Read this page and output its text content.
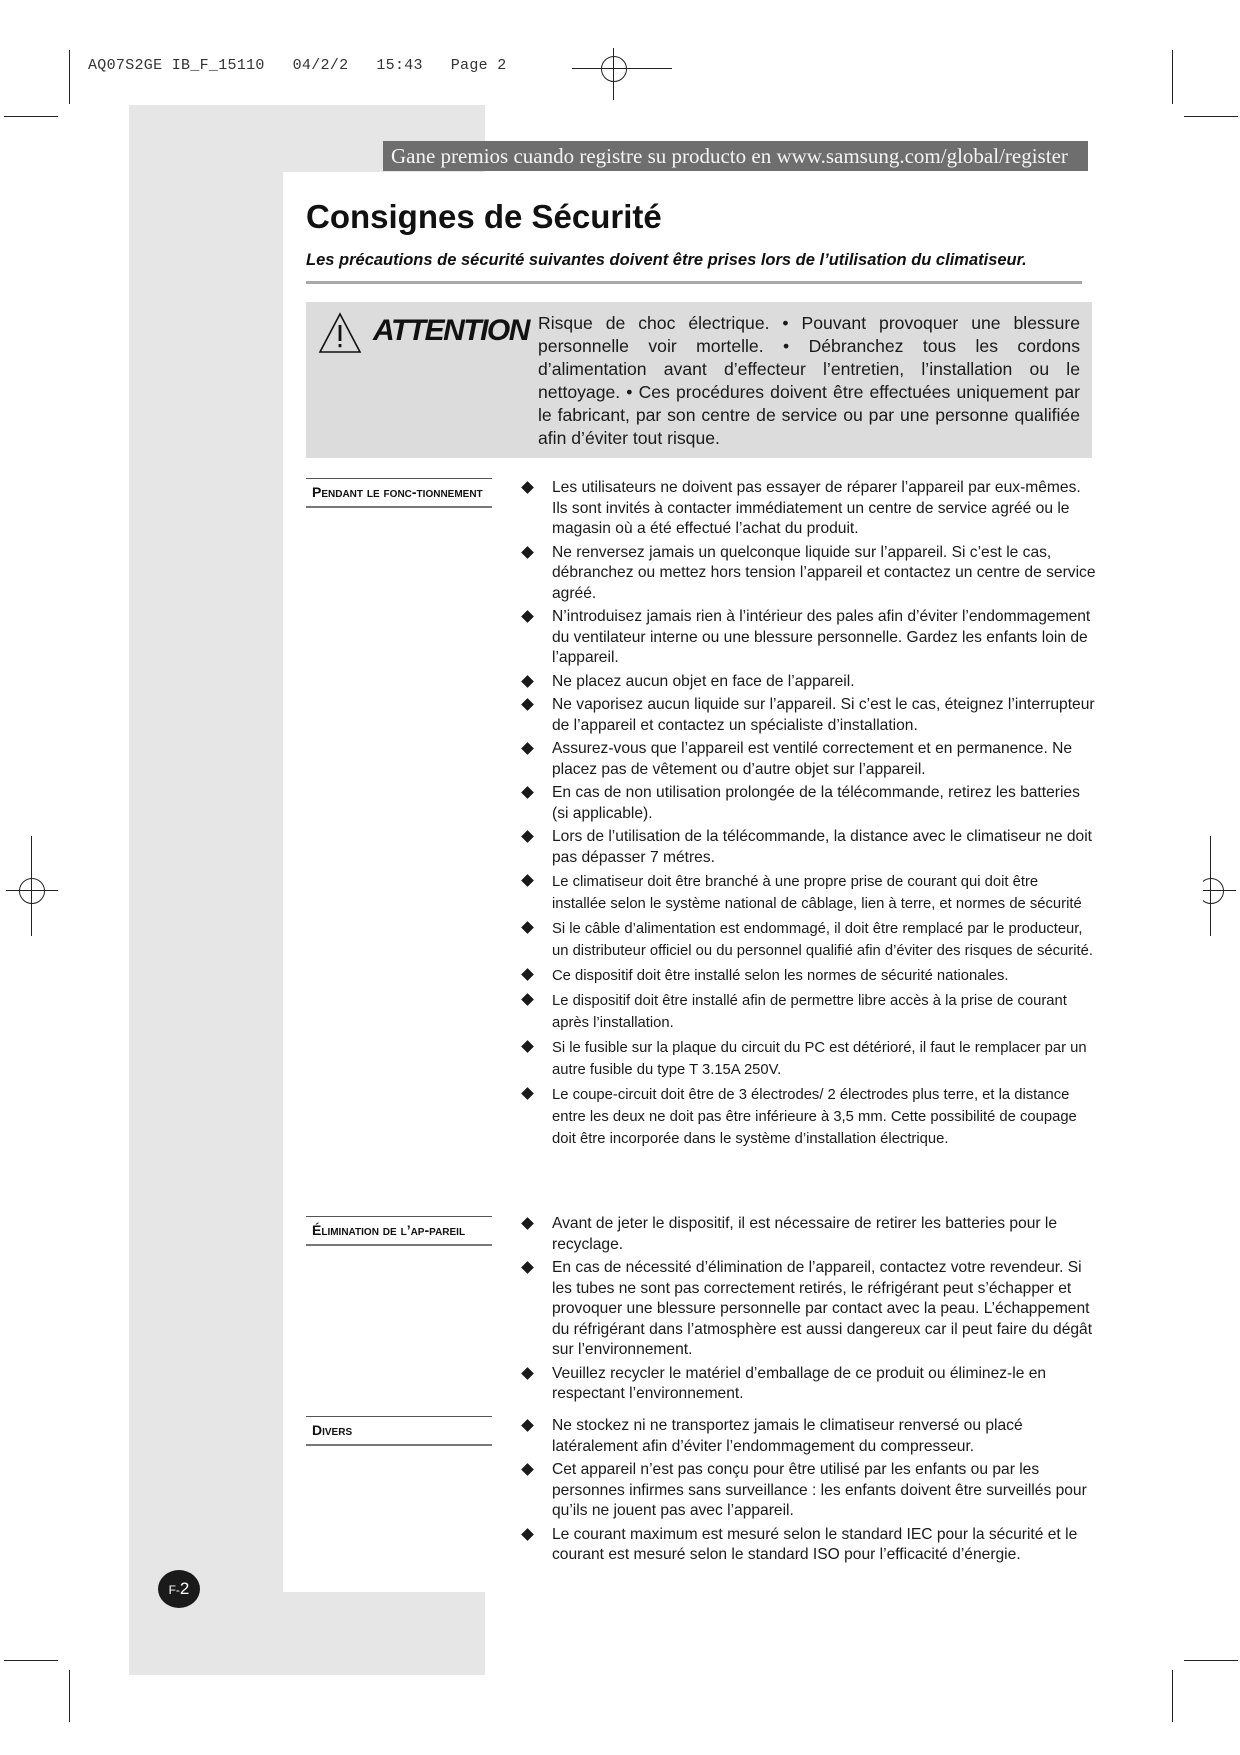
AQ07S2GE IB_F_15110   04/2/2   15:43   Page 2
Gane premios cuando registre su producto en www.samsung.com/global/register
Consignes de Sécurité
Les précautions de sécurité suivantes doivent être prises lors de l’utilisation du climatiseur.
ATTENTION Risque de choc électrique. • Pouvant provoquer une blessure personnelle voir mortelle. • Débranchez tous les cordons d’alimentation avant d’effecteur l’entretien, l’installation ou le nettoyage. • Ces procédures doivent être effectuées uniquement par le fabricant, par son centre de service ou par une personne qualifiée afin d’éviter tout risque.
Pendant le fonc-tionnement	Les utilisateurs ne doivent pas essayer de réparer l’appareil par eux-mêmes. Ils sont invités à contacter immédiatement un centre de service agréé ou le magasin où a été effectué l’achat du produit.
Ne renversez jamais un quelconque liquide sur l’appareil. Si c’est le cas, débranchez ou mettez hors tension l’appareil et contactez un centre de service agréé.
N’introduisez jamais rien à l’intérieur des pales afin d’éviter l’endommagement du ventilateur interne ou une blessure personnelle. Gardez les enfants loin de l’appareil.
Ne placez aucun objet en face de l’appareil.
Ne vaporisez aucun liquide sur l’appareil. Si c’est le cas, éteignez l’interrupteur de l’appareil et contactez un spécialiste d’installation.
Assurez-vous que l’appareil est ventilé correctement et en permanence. Ne placez pas de vêtement ou d’autre objet sur l’appareil.
En cas de non utilisation prolongée de la télécommande, retirez les batteries (si applicable).
Lors de l’utilisation de la télécommande, la distance avec le climatiseur ne doit pas dépasser 7 métres.
Le climatiseur doit être branché à une propre prise de courant qui doit être installée selon le système national de câblage, lien à terre, et normes de sécurité
Si le câble d’alimentation est endommagé, il doit être remplacé par le producteur, un distributeur officiel ou du personnel qualifié afin d’éviter des risques de sécurité.
Ce dispositif doit être installé selon les normes de sécurité nationales.
Le dispositif doit être installé afin de permettre libre accès à la prise de courant après l’installation.
Si le fusible sur la plaque du circuit du PC est détérioré, il faut le remplacer par un autre fusible du type T 3.15A 250V.
Le coupe-circuit doit être de 3 électrodes/ 2 électrodes plus terre, et la distance entre les deux ne doit pas être inférieure à 3,5 mm. Cette possibilité de coupage doit être incorporée dans le système d’installation électrique.
Élimination de l’ap-pareil	Avant de jeter le dispositif, il est nécessaire de retirer les batteries pour le recyclage.
En cas de nécessité d’élimination de l’appareil, contactez votre revendeur. Si les tubes ne sont pas correctement retirés, le réfrigérant peut s’échapper et provoquer une blessure personnelle par contact avec la peau. L’échappement du réfrigérant dans l’atmosphère est aussi dangereux car il peut faire du dégât sur l’environnement.
Veuillez recycler le matériel d’emballage de ce produit ou éliminez-le en respectant l’environnement.
Divers	Ne stockez ni ne transportez jamais le climatiseur renversé ou placé latéralement afin d’éviter l’endommagement du compresseur.
Cet appareil n’est pas conçu pour être utilisé par les enfants ou par les personnes infirmes sans surveillance : les enfants doivent être surveillés pour qu’ils ne jouent pas avec l’appareil.
Le courant maximum est mesuré selon le standard IEC pour la sécurité et le courant est mesuré selon le standard ISO pour l’efficacité d’énergie.
F-2
